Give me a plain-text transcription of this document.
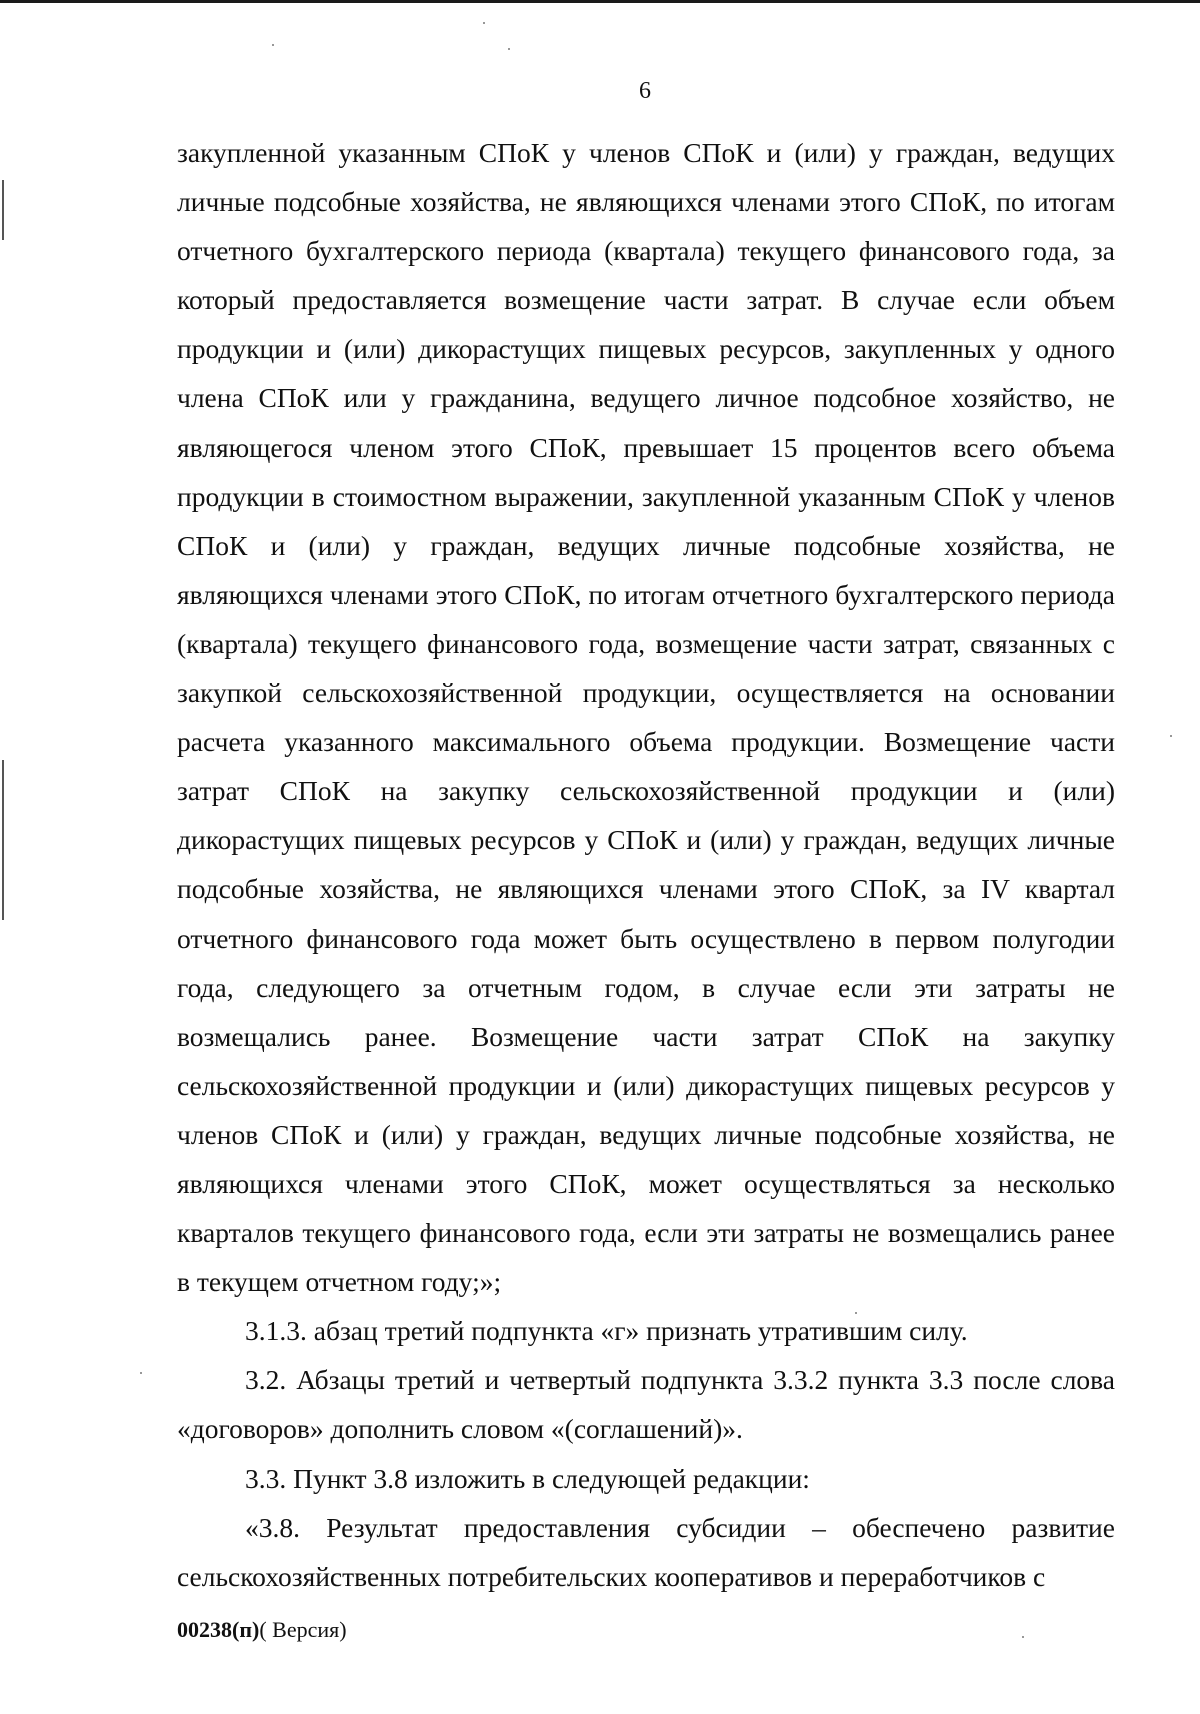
6

закупленной указанным СПоК у членов СПоК и (или) у граждан, ведущих личные подсобные хозяйства, не являющихся членами этого СПоК, по итогам отчетного бухгалтерского периода (квартала) текущего финансового года, за который предоставляется возмещение части затрат. В случае если объем продукции и (или) дикорастущих пищевых ресурсов, закупленных у одного члена СПоК или у гражданина, ведущего личное подсобное хозяйство, не являющегося членом этого СПоК, превышает 15 процентов всего объема продукции в стоимостном выражении, закупленной указанным СПоК у членов СПоК и (или) у граждан, ведущих личные подсобные хозяйства, не являющихся членами этого СПоК, по итогам отчетного бухгалтерского периода (квартала) текущего финансового года, возмещение части затрат, связанных с закупкой сельскохозяйственной продукции, осуществляется на основании расчета указанного максимального объема продукции. Возмещение части затрат СПоК на закупку сельскохозяйственной продукции и (или) дикорастущих пищевых ресурсов у СПоК и (или) у граждан, ведущих личные подсобные хозяйства, не являющихся членами этого СПоК, за IV квартал отчетного финансового года может быть осуществлено в первом полугодии года, следующего за отчетным годом, в случае если эти затраты не возмещались ранее. Возмещение части затрат СПоК на закупку сельскохозяйственной продукции и (или) дикорастущих пищевых ресурсов у членов СПоК и (или) у граждан, ведущих личные подсобные хозяйства, не являющихся членами этого СПоК, может осуществляться за несколько кварталов текущего финансового года, если эти затраты не возмещались ранее в текущем отчетном году;»;

3.1.3. абзац третий подпункта «г» признать утратившим силу.

3.2. Абзацы третий и четвертый подпункта 3.3.2 пункта 3.3 после слова «договоров» дополнить словом «(соглашений)».

3.3. Пункт 3.8 изложить в следующей редакции:

«3.8. Результат предоставления субсидии – обеспечено развитие сельскохозяйственных потребительских кооперативов и переработчиков с

00238(п)( Версия)
